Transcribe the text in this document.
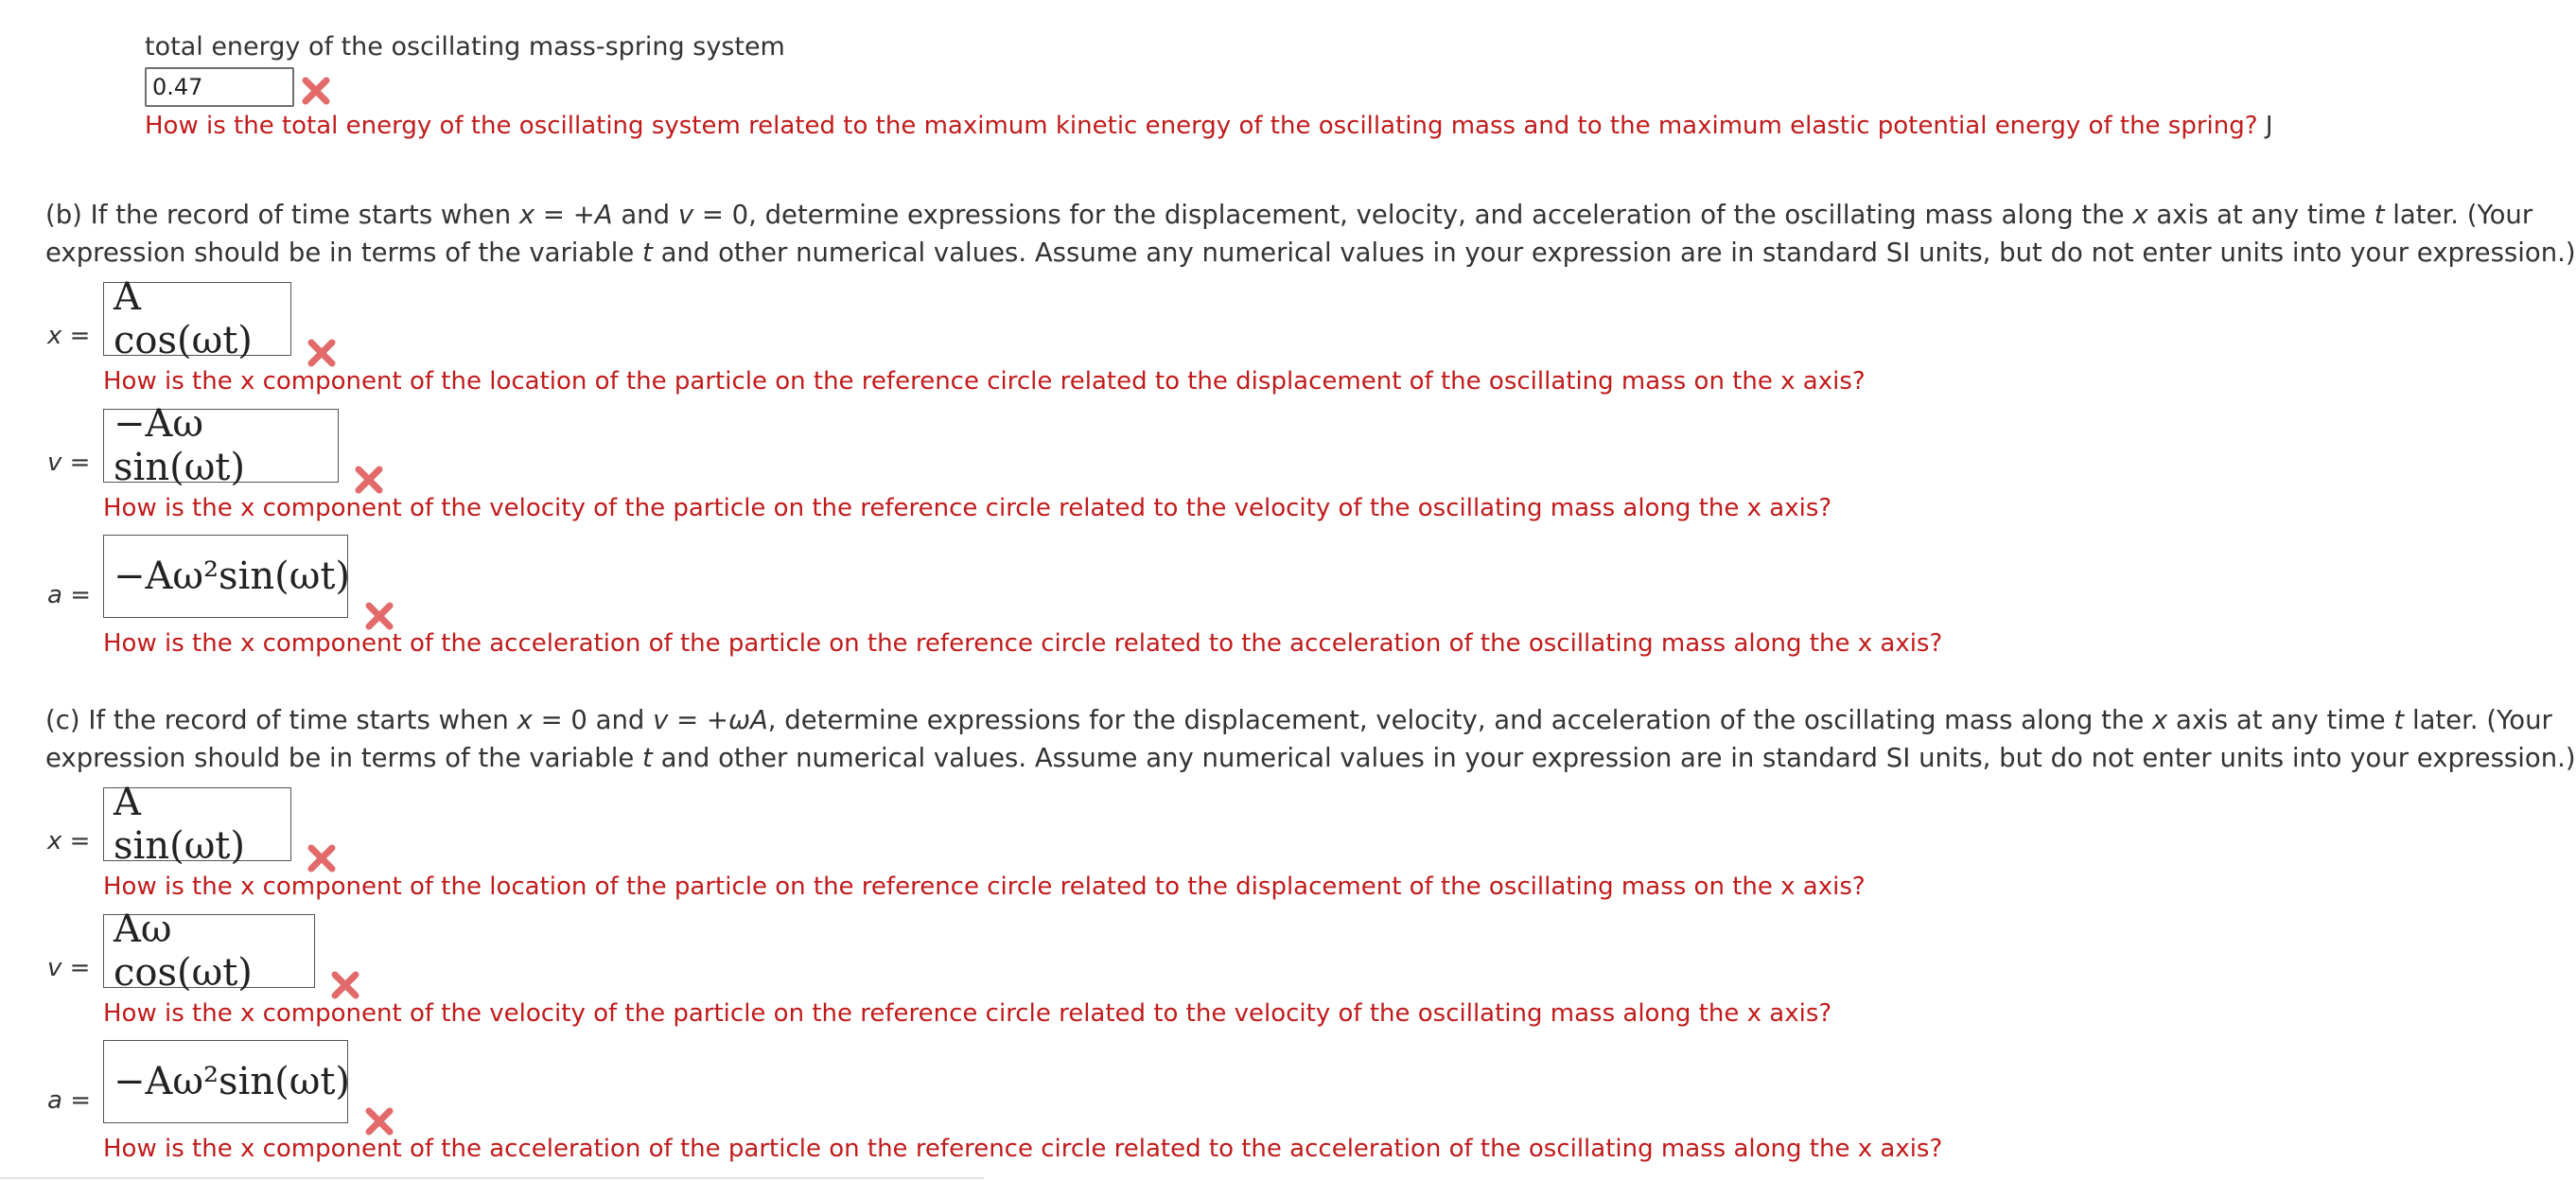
total energy of the oscillating mass-spring system
0.47
How is the total energy of the oscillating system related to the maximum kinetic energy of the oscillating mass and to the maximum elastic potential energy of the spring? J
(b) If the record of time starts when x = +A and v = 0, determine expressions for the displacement, velocity, and acceleration of the oscillating mass along the x axis at any time t later. (Your
expression should be in terms of the variable t and other numerical values. Assume any numerical values in your expression are in standard SI units, but do not enter units into your expression.)
x =
A cos(ωt)
How is the x component of the location of the particle on the reference circle related to the displacement of the oscillating mass on the x axis?
v =
−Aω sin(ωt)
How is the x component of the velocity of the particle on the reference circle related to the velocity of the oscillating mass along the x axis?
a = −Aω²sin(ωt)
How is the x component of the acceleration of the particle on the reference circle related to the acceleration of the oscillating mass along the x axis?
(c) If the record of time starts when x = 0 and v = +ωA, determine expressions for the displacement, velocity, and acceleration of the oscillating mass along the x axis at any time t later. (Your
expression should be in terms of the variable t and other numerical values. Assume any numerical values in your expression are in standard SI units, but do not enter units into your expression.)
x =
A sin(ωt)
How is the x component of the location of the particle on the reference circle related to the displacement of the oscillating mass on the x axis?
v =
Aω cos(ωt)
How is the x component of the velocity of the particle on the reference circle related to the velocity of the oscillating mass along the x axis?
a = −Aω²sin(ωt)
How is the x component of the acceleration of the particle on the reference circle related to the acceleration of the oscillating mass along the x axis?
